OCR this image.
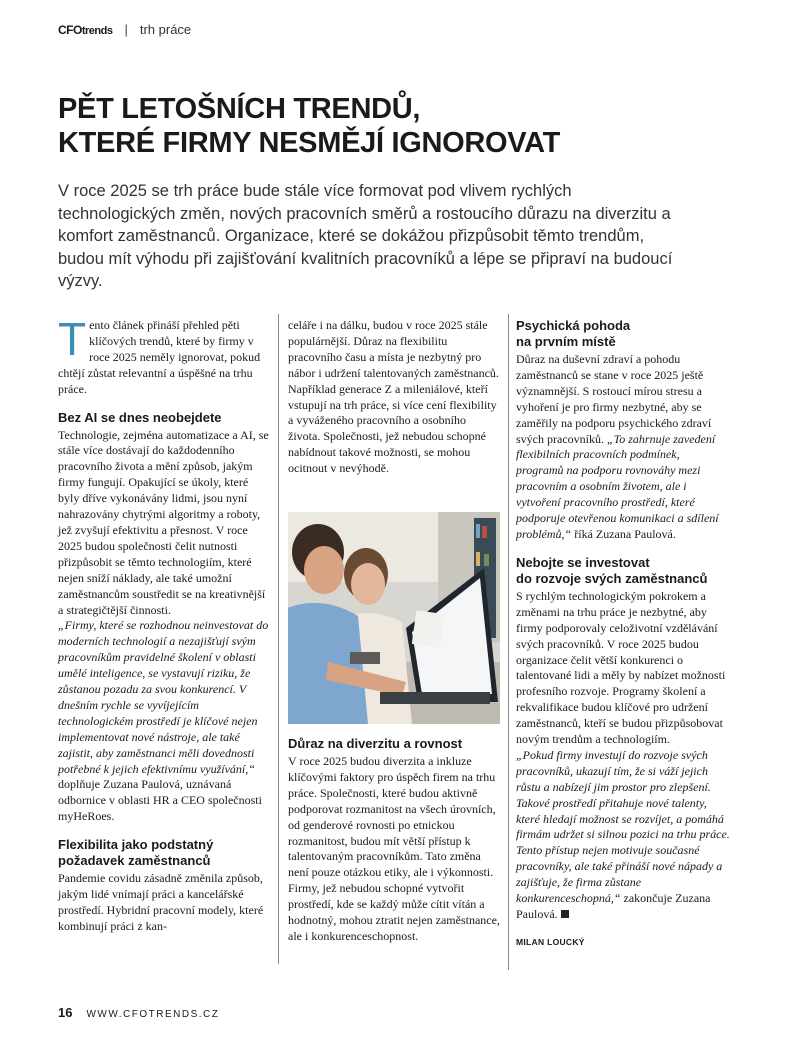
CFOtrends | trh práce
PĚT LETOŠNÍCH TRENDŮ,
KTERÉ FIRMY NESMĚJÍ IGNOROVAT

V roce 2025 se trh práce bude stále více formovat pod vlivem rychlých technologických změn, nových pracovních směrů a rostoucího důrazu na diverzitu a komfort zaměstnanců. Organizace, které se dokážou přizpůsobit těmto trendům, budou mít výhodu při zajišťování kvalitních pracovníků a lépe se připraví na budoucí výzvy.

Tento článek přináší přehled pěti klíčových trendů, které by firmy v roce 2025 neměly ignorovat, pokud chtějí zůstat relevantní a úspěšné na trhu práce.

Bez AI se dnes neobejdete

Technologie, zejména automatizace a AI, se stále více dostávají do každodenního pracovního života a mění způsob, jakým firmy fungují. Opakující se úkoly, které byly dříve vykonávány lidmi, jsou nyní nahrazovány chytrými algoritmy a roboty, jež zvyšují efektivitu a přesnost. V roce 2025 budou společnosti čelit nutnosti přizpůsobit se těmto technologiím, které nejen sníží náklady, ale také umožní zaměstnancům soustředit se na kreativnější a strategičtější činnosti.

„Firmy, které se rozhodnou neinvestovat do moderních technologií a nezajišťují svým pracovníkům pravidelné školení v oblasti umělé inteligence, se vystavují riziku, že zůstanou pozadu za svou konkurencí. V dnešním rychle se vyvíjejícím technologickém prostředí je klíčové nejen implementovat nové nástroje, ale také zajistit, aby zaměstnanci měli dovednosti potřebné k jejich efektivnímu využívání,“ doplňuje Zuzana Paulová, uznávaná odbornice v oblasti HR a CEO společnosti myHeRoes.

Flexibilita jako podstatný
požadavek zaměstnanců

Pandemie covidu zásadně změnila způsob, jakým lidé vnímají práci a kancelářské prostředí. Hybridní pracovní modely, které kombinují práci z kan-

celáře i na dálku, budou v roce 2025 stále populárnější. Důraz na flexibilitu pracovního času a místa je nezbytný pro nábor i udržení talentovaných zaměstnanců. Například generace Z a mileniálové, kteří vstupují na trh práce, si více cení flexibility a vyváženého pracovního a osobního života. Společnosti, jež nebudou schopné nabídnout takové možnosti, se mohou ocitnout v nevýhodě.

Důraz na diverzitu a rovnost

V roce 2025 budou diverzita a inkluze klíčovými faktory pro úspěch firem na trhu práce. Společnosti, které budou aktivně podporovat rozmanitost na všech úrovních, od genderové rovnosti po etnickou rozmanitost, budou mít větší přístup k talentovaným pracovníkům. Tato změna není pouze otázkou etiky, ale i výkonnosti. Firmy, jež nebudou schopné vytvořit prostředí, kde se každý může cítit vítán a hodnotný, mohou ztratit nejen zaměstnance, ale i konkurenceschopnost.

Psychická pohoda
na prvním místě

Důraz na duševní zdraví a pohodu zaměstnanců se stane v roce 2025 ještě významnější. S rostoucí mírou stresu a vyhoření je pro firmy nezbytné, aby se zaměřily na podporu psychického zdraví svých pracovníků. „To zahrnuje zavedení flexibilních pracovních podmínek, programů na podporu rovnováhy mezi pracovním a osobním životem, ale i vytvoření pracovního prostředí, které podporuje otevřenou komunikaci a sdílení problémů,“ říká Zuzana Paulová.

Nebojte se investovat
do rozvoje svých zaměstnanců

S rychlým technologickým pokrokem a změnami na trhu práce je nezbytné, aby firmy podporovaly celoživotní vzdělávání svých pracovníků. V roce 2025 budou organizace čelit větší konkurenci o talentované lidi a měly by nabízet možnosti profesního rozvoje. Programy školení a rekvalifikace budou klíčové pro udržení zaměstnanců, kteří se budou přizpůsobovat novým trendům a technologiím.

„Pokud firmy investují do rozvoje svých pracovníků, ukazují tím, že si váží jejich růstu a nabízejí jim prostor pro zlepšení. Takové prostředí přitahuje nové talenty, které hledají možnost se rozvíjet, a pomáhá firmám udržet si silnou pozici na trhu práce. Tento přístup nejen motivuje současné pracovníky, ale také přináší nové nápady a zajišťuje, že firma zůstane konkurenceschopná,“ zakončuje Zuzana Paulová.

MILAN LOUCKÝ

16 WWW.CFOTRENDS.CZ
